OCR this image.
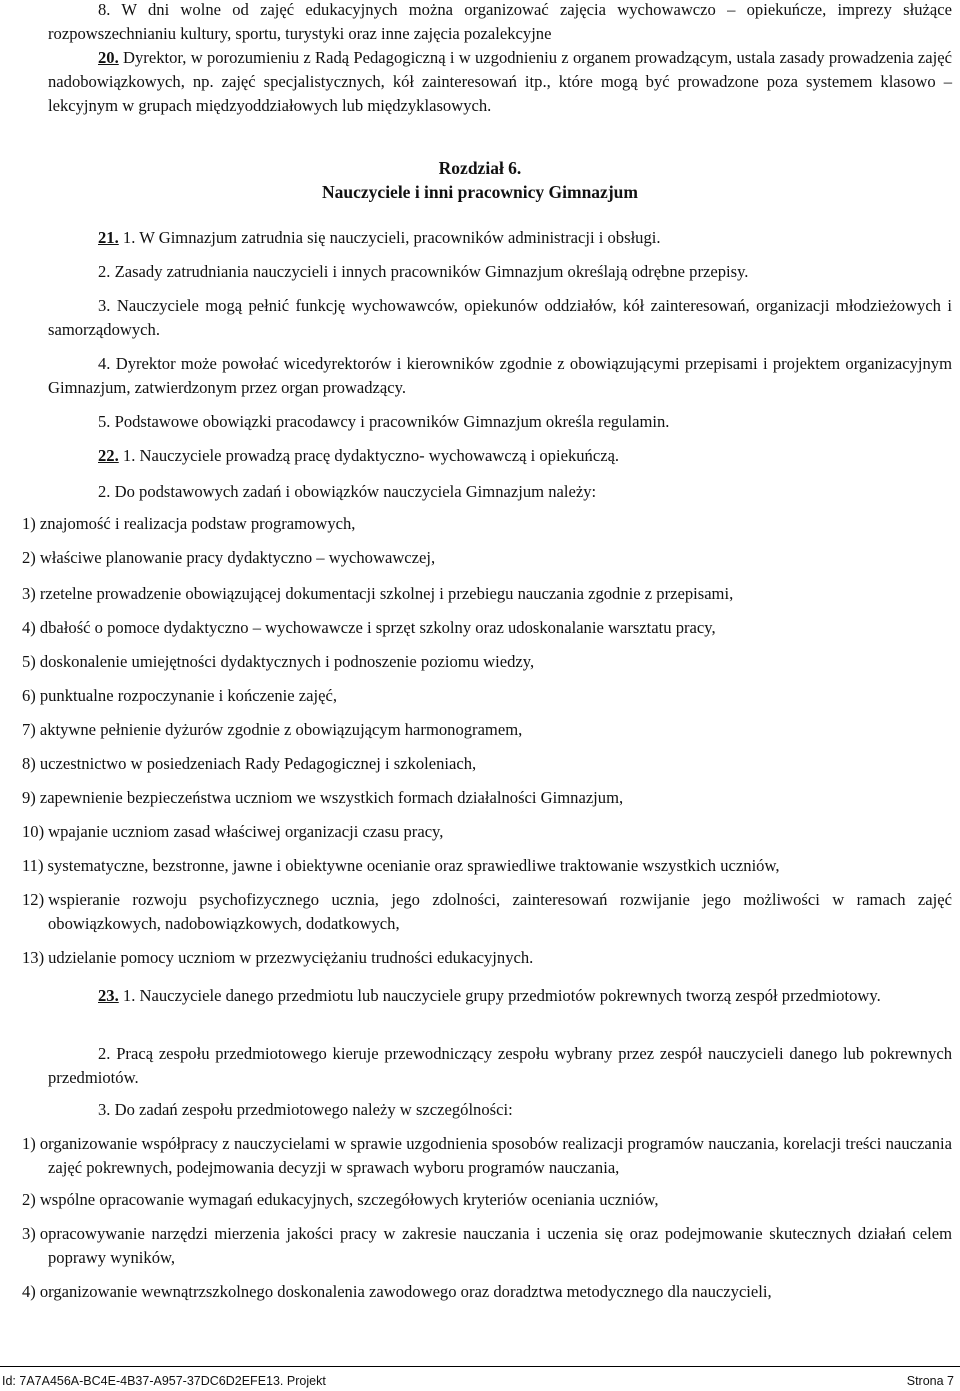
8. W dni wolne od zajęć edukacyjnych można organizować zajęcia wychowawczo – opiekuńcze, imprezy służące rozpowszechnianiu kultury, sportu, turystyki oraz inne zajęcia pozalekcyjne

20. Dyrektor, w porozumieniu z Radą Pedagogiczną i w uzgodnieniu z organem prowadzącym, ustala zasady prowadzenia zajęć nadobowiązkowych, np. zajęć specjalistycznych, kół zainteresowań itp., które mogą być prowadzone poza systemem klasowo – lekcyjnym w grupach międzyoddziałowych lub międzyklasowych.

Rozdział 6.

Nauczyciele i inni pracownicy Gimnazjum

21. 1. W Gimnazjum zatrudnia się nauczycieli, pracowników administracji i obsługi.

2. Zasady zatrudniania nauczycieli i innych pracowników Gimnazjum określają odrębne przepisy.

3. Nauczyciele mogą pełnić funkcję wychowawców, opiekunów oddziałów, kół zainteresowań, organizacji młodzieżowych i samorządowych.

4. Dyrektor może powołać wicedyrektorów i kierowników zgodnie z obowiązującymi przepisami i projektem organizacyjnym Gimnazjum, zatwierdzonym przez organ prowadzący.

5. Podstawowe obowiązki pracodawcy i pracowników Gimnazjum określa regulamin.

22. 1. Nauczyciele prowadzą pracę dydaktyczno- wychowawczą i opiekuńczą.

2. Do podstawowych zadań i obowiązków nauczyciela Gimnazjum należy:

1) znajomość i realizacja podstaw programowych,

2) właściwe planowanie pracy dydaktyczno – wychowawczej,

3) rzetelne prowadzenie obowiązującej dokumentacji szkolnej i przebiegu nauczania zgodnie z przepisami,

4) dbałość o pomoce dydaktyczno – wychowawcze i sprzęt szkolny oraz udoskonalanie warsztatu pracy,

5) doskonalenie umiejętności dydaktycznych i podnoszenie poziomu wiedzy,

6) punktualne rozpoczynanie i kończenie zajęć,

7) aktywne pełnienie dyżurów zgodnie z obowiązującym harmonogramem,

8) uczestnictwo w posiedzeniach Rady Pedagogicznej i szkoleniach,

9) zapewnienie bezpieczeństwa uczniom we wszystkich formach działalności Gimnazjum,

10) wpajanie uczniom zasad właściwej organizacji czasu pracy,

11) systematyczne, bezstronne, jawne i obiektywne ocenianie oraz sprawiedliwe traktowanie wszystkich uczniów,

12) wspieranie rozwoju psychofizycznego ucznia, jego zdolności, zainteresowań rozwijanie jego możliwości w ramach zajęć obowiązkowych, nadobowiązkowych, dodatkowych,

13) udzielanie pomocy uczniom w przezwyciężaniu trudności edukacyjnych.

23. 1. Nauczyciele danego przedmiotu lub nauczyciele grupy przedmiotów pokrewnych tworzą zespół przedmiotowy.

2. Pracą zespołu przedmiotowego kieruje przewodniczący zespołu wybrany przez zespół nauczycieli danego lub pokrewnych przedmiotów.

3. Do zadań zespołu przedmiotowego należy w szczególności:

1) organizowanie współpracy z nauczycielami w sprawie uzgodnienia sposobów realizacji programów nauczania, korelacji treści nauczania zajęć pokrewnych, podejmowania decyzji w sprawach wyboru programów nauczania,

2) wspólne opracowanie wymagań edukacyjnych, szczegółowych kryteriów oceniania uczniów,

3) opracowywanie narzędzi mierzenia jakości pracy w zakresie nauczania i uczenia się oraz podejmowanie skutecznych działań celem poprawy wyników,

4) organizowanie wewnątrzszkolnego doskonalenia zawodowego oraz doradztwa metodycznego dla nauczycieli,

Id: 7A7A456A-BC4E-4B37-A957-37DC6D2EFE13. Projekt	Strona 7
